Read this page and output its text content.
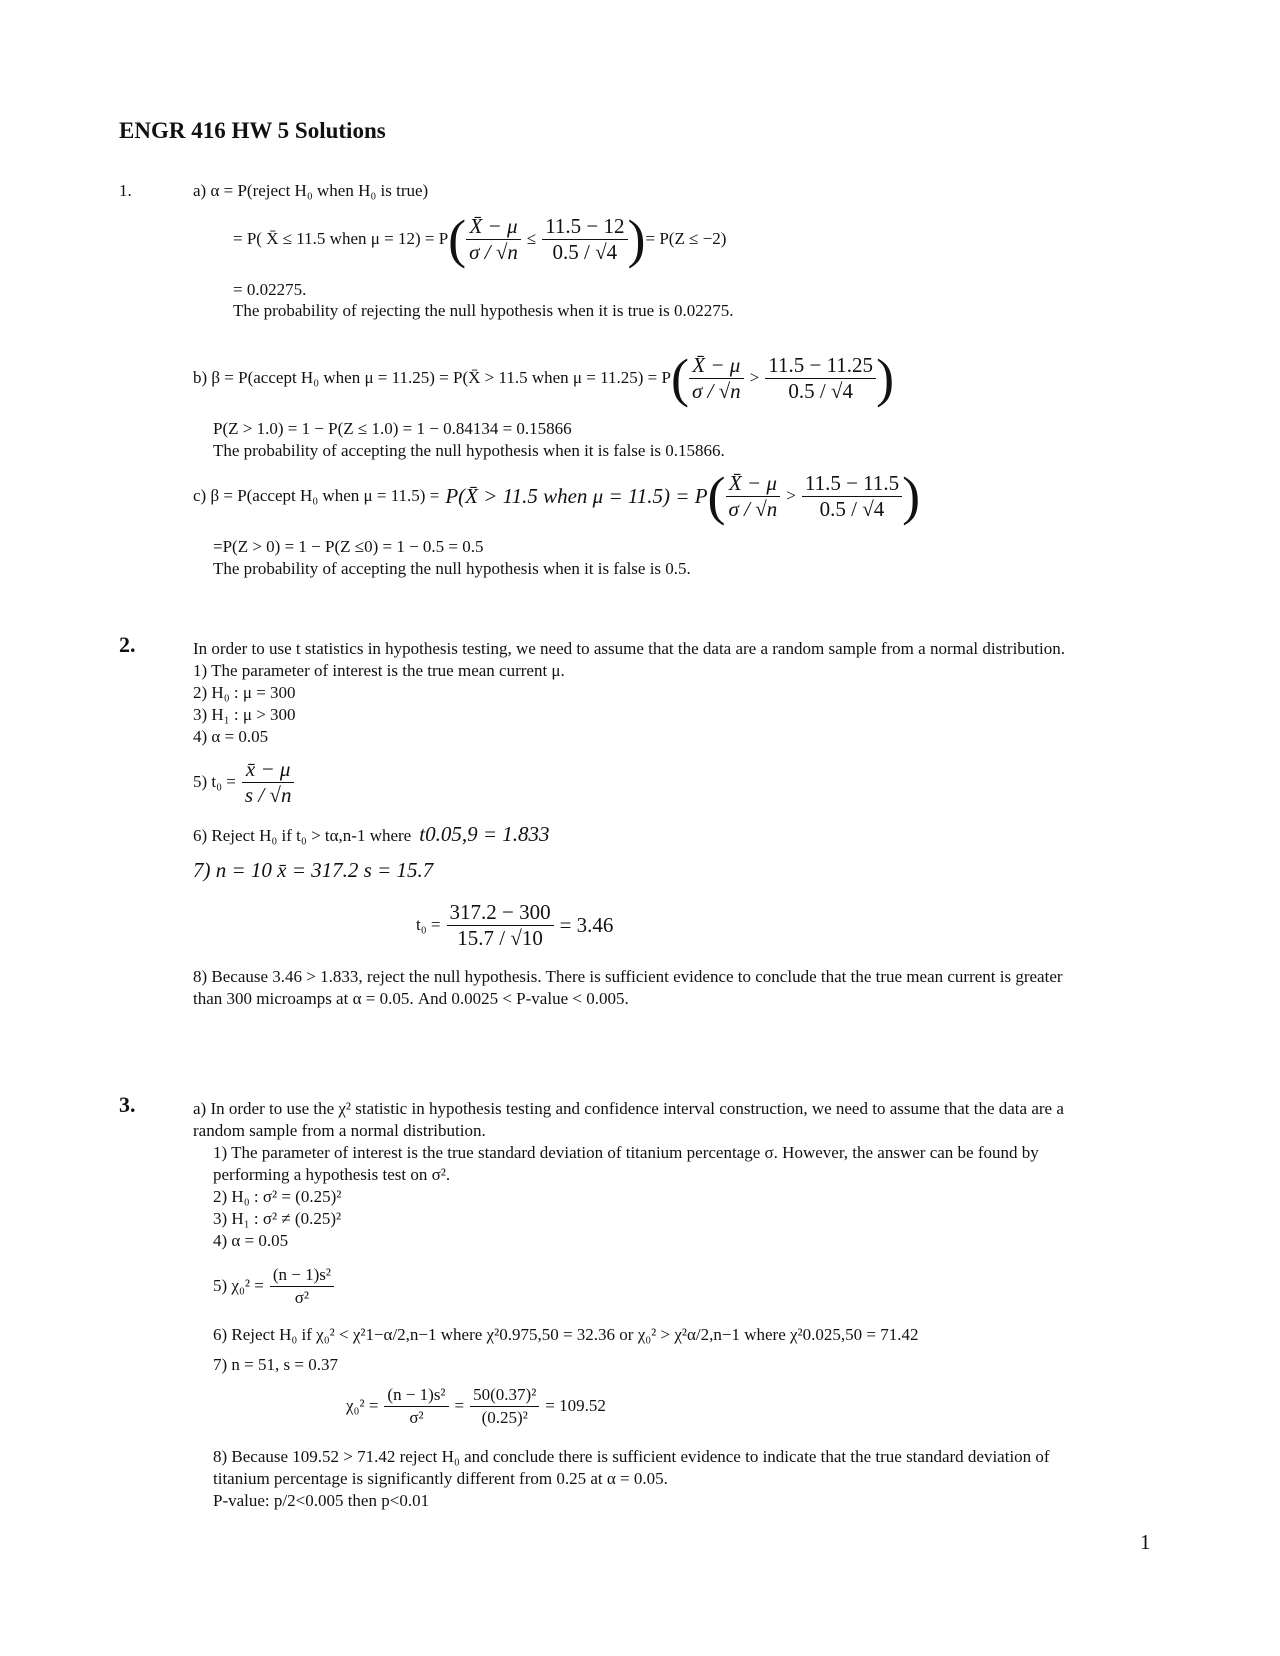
ENGR 416 HW 5 Solutions
1.	a) α = P(reject H₀ when H₀ is true)
= P( X̄ ≤ 11.5 when μ = 12) = P ( $\frac{X̄ - \mu}{\sigma / √n} \le \frac{11.5 - 12}{0.5 / √4}$ ) = P(Z ≤ −2)
= 0.02275.
The probability of rejecting the null hypothesis when it is true is 0.02275.
b) β = P(accept H₀ when μ = 11.25) = P(X̄ > 11.5 when μ = 11.25) = P ( $\frac{X̄ - \mu}{\sigma / √n} > \frac{11.5 - 11.25}{0.5 / √4}$ )
P(Z > 1.0) = 1 − P(Z ≤ 1.0) = 1 − 0.84134 = 0.15866
The probability of accepting the null hypothesis when it is false is 0.15866.
c) β = P(accept H₀ when μ = 11.5) = P(X̄ > 11.5 when μ = 11.5) = P ( $\frac{X̄ - \mu}{\sigma / √n} > \frac{11.5 - 11.5}{0.5 / √4}$ )
=P(Z > 0) = 1 − P(Z ≤0) = 1 − 0.5 = 0.5
The probability of accepting the null hypothesis when it is false is 0.5.
2.	In order to use t statistics in hypothesis testing, we need to assume that the data are a random sample from a normal distribution.
1) The parameter of interest is the true mean current μ.
2) H₀ : μ = 300
3) H₁ : μ > 300
4) α = 0.05
5) $t_0 = \frac{x̄ - \mu}{s / √n}$
6) Reject H₀ if t₀ > tα,n-1 where t0.05,9 = 1.833
7) n = 10 x̄ = 317.2 s = 15.7
$t_0 = \frac{317.2 - 300}{15.7 / √10} = 3.46$
8) Because 3.46 > 1.833, reject the null hypothesis. There is sufficient evidence to conclude that the true mean current is greater
than 300 microamps at α = 0.05. And 0.0025 < P-value < 0.005.
3.	a) In order to use the χ² statistic in hypothesis testing and confidence interval construction, we need to assume that the data are a
random sample from a normal distribution.
1) The parameter of interest is the true standard deviation of titanium percentage σ. However, the answer can be found by
performing a hypothesis test on σ².
2) H₀ : σ² = (0.25)²
3) H₁ : σ² ≠ (0.25)²
4) α = 0.05
5) $\chi_0^2 = \frac{\text{(n − 1)s²}}{\text{σ²}}$
6) Reject H₀ if χ₀² < χ²1−α/2,n−1 where χ²0.975,50 = 32.36 or χ₀² > χ²α/2,n−1 where χ²0.025,50 = 71.42
7) n = 51, s = 0.37
$\chi_0^2 = \frac{\text{(n − 1)s²}}{\text{σ²}} = \frac{\text{50(0.37)²}}{\text{(0.25)²}} = 109.52$
8) Because 109.52 > 71.42 reject H₀ and conclude there is sufficient evidence to indicate that the true standard deviation of
titanium percentage is significantly different from 0.25 at α = 0.05.
P-value: p/2<0.005 then p<0.01
1
